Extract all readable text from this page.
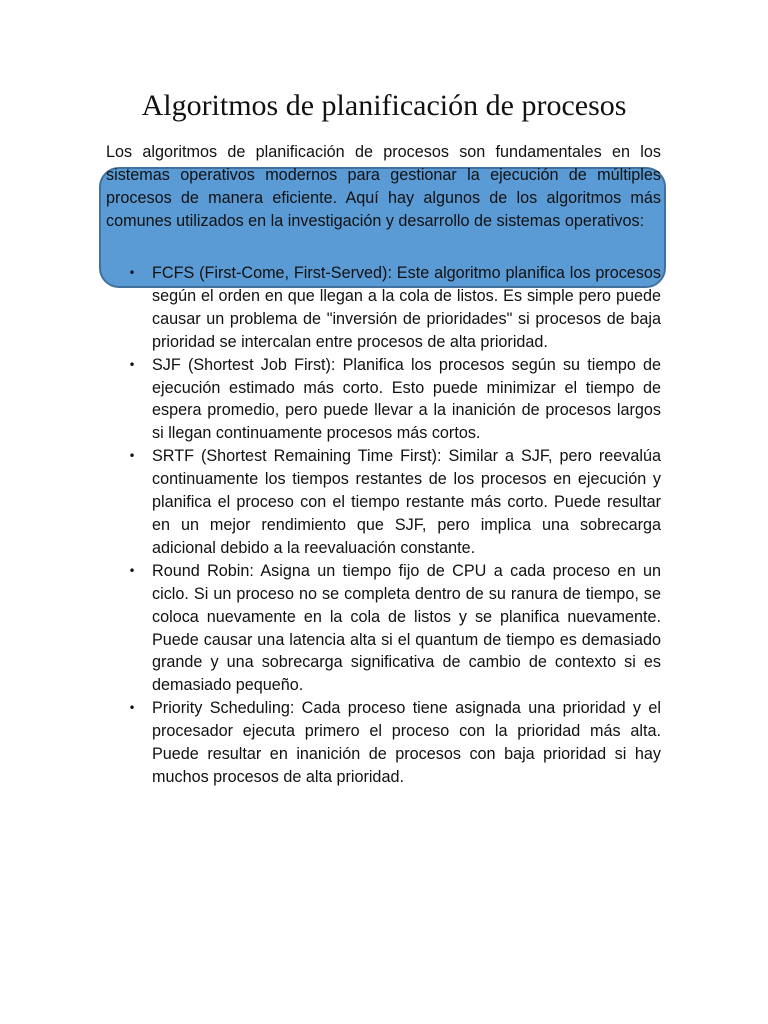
Algoritmos de planificación de procesos

Los algoritmos de planificación de procesos son fundamentales en los sistemas operativos modernos para gestionar la ejecución de múltiples procesos de manera eficiente. Aquí hay algunos de los algoritmos más comunes utilizados en la investigación y desarrollo de sistemas operativos:

• FCFS (First-Come, First-Served): Este algoritmo planifica los procesos según el orden en que llegan a la cola de listos. Es simple pero puede causar un problema de "inversión de prioridades" si procesos de baja prioridad se intercalan entre procesos de alta prioridad.
• SJF (Shortest Job First): Planifica los procesos según su tiempo de ejecución estimado más corto. Esto puede minimizar el tiempo de espera promedio, pero puede llevar a la inanición de procesos largos si llegan continuamente procesos más cortos.
• SRTF (Shortest Remaining Time First): Similar a SJF, pero reevalúa continuamente los tiempos restantes de los procesos en ejecución y planifica el proceso con el tiempo restante más corto. Puede resultar en un mejor rendimiento que SJF, pero implica una sobrecarga adicional debido a la reevaluación constante.
• Round Robin: Asigna un tiempo fijo de CPU a cada proceso en un ciclo. Si un proceso no se completa dentro de su ranura de tiempo, se coloca nuevamente en la cola de listos y se planifica nuevamente. Puede causar una latencia alta si el quantum de tiempo es demasiado grande y una sobrecarga significativa de cambio de contexto si es demasiado pequeño.
• Priority Scheduling: Cada proceso tiene asignada una prioridad y el procesador ejecuta primero el proceso con la prioridad más alta. Puede resultar en inanición de procesos con baja prioridad si hay muchos procesos de alta prioridad.
